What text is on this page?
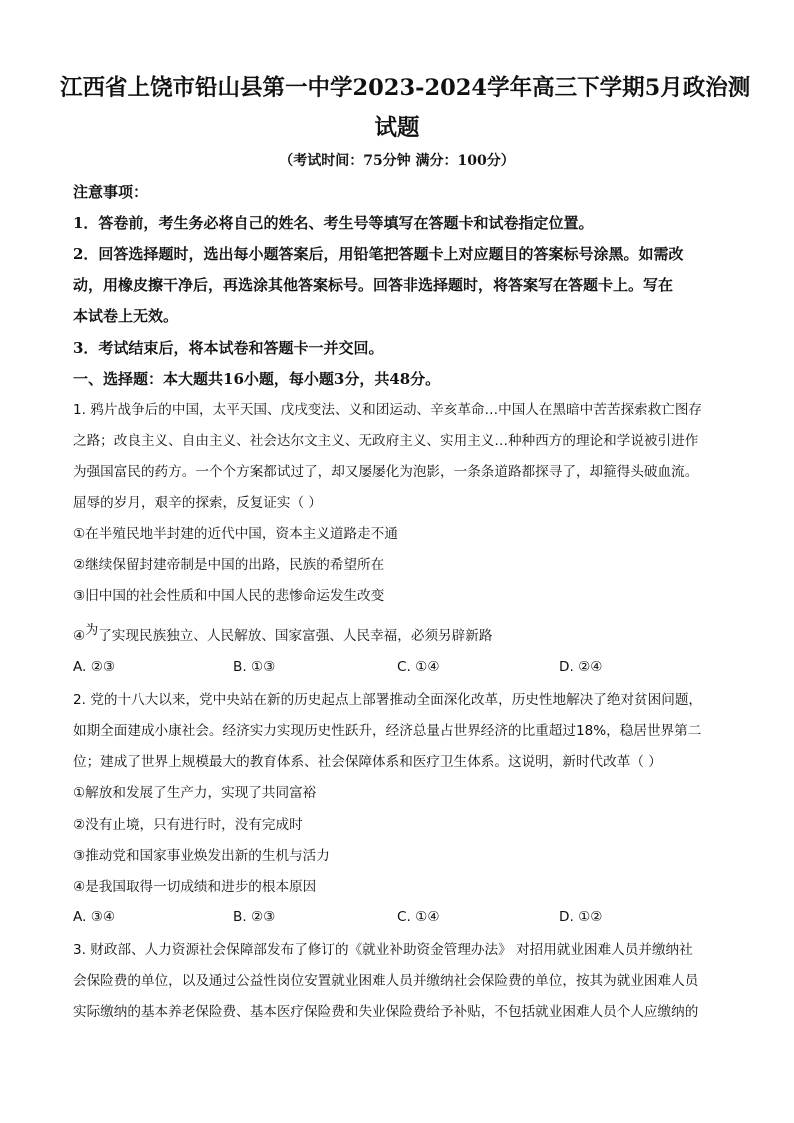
江西省上饶市铅山县第一中学2023-2024学年高三下学期5月政治测
试题
（考试时间：75分钟 满分：100分）
注意事项：
1．答卷前，考生务必将自己的姓名、考生号等填写在答题卡和试卷指定位置。
2．回答选择题时，选出每小题答案后，用铅笔把答题卡上对应题目的答案标号涂黑。如需改
动，用橡皮擦干净后，再选涂其他答案标号。回答非选择题时，将答案写在答题卡上。写在
本试卷上无效。
3．考试结束后，将本试卷和答题卡一并交回。
一、选择题：本大题共16小题，每小题3分，共48分。
1. 鸦片战争后的中国，太平天国、戊戌变法、义和团运动、辛亥革命…中国人在黑暗中苦苦探索救亡图存
之路；改良主义、自由主义、社会达尔文主义、无政府主义、实用主义…种种西方的理论和学说被引进作
为强国富民的药方。一个个方案都试过了，却又屡屡化为泡影，一条条道路都探寻了，却箍得头破血流。
屈辱的岁月，艰辛的探索，反复证实（ ）
①在半殖民地半封建的近代中国，资本主义道路走不通
②继续保留封建帝制是中国的出路，民族的希望所在
③旧中国的社会性质和中国人民的悲惨命运发生改变
④为了实现民族独立、人民解放、国家富强、人民幸福，必须另辟新路
A. ②③	B. ①③	C. ①④	D. ②④
2. 党的十八大以来，党中央站在新的历史起点上部署推动全面深化改革，历史性地解决了绝对贫困问题，
如期全面建成小康社会。经济实力实现历史性跃升，经济总量占世界经济的比重超过18%，稳居世界第二
位；建成了世界上规模最大的教育体系、社会保障体系和医疗卫生体系。这说明，新时代改革（ ）
①解放和发展了生产力，实现了共同富裕
②没有止境，只有进行时，没有完成时
③推动党和国家事业焕发出新的生机与活力
④是我国取得一切成绩和进步的根本原因
A. ③④	B. ②③	C. ①④	D. ①②
3. 财政部、人力资源社会保障部发布了修订的《就业补助资金管理办法》 对招用就业困难人员并缴纳社
会保险费的单位，以及通过公益性岗位安置就业困难人员并缴纳社会保险费的单位，按其为就业困难人员
实际缴纳的基本养老保险费、基本医疗保险费和失业保险费给予补贴，不包括就业困难人员个人应缴纳的
